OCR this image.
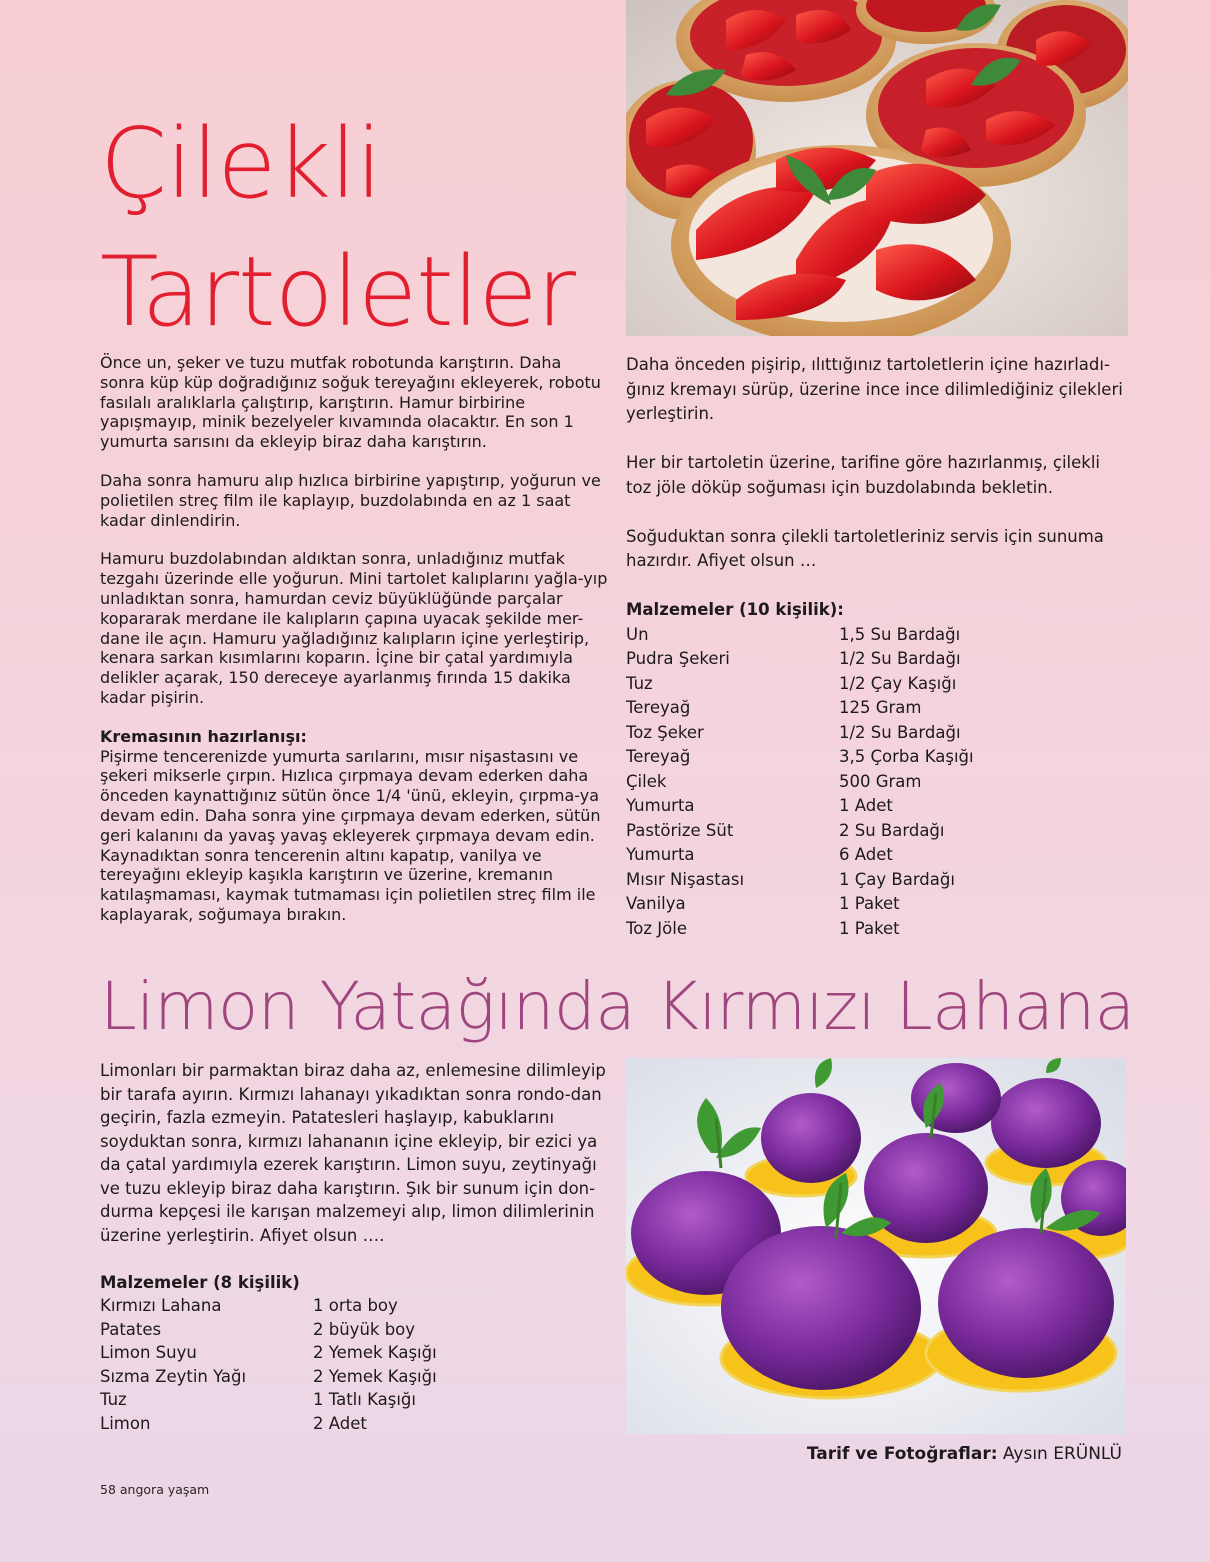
Çilekli
Tartoletler

Önce un, şeker ve tuzu mutfak robotunda karıştırın. Daha sonra küp küp doğradığınız soğuk tereyağını ekleyerek, robotu fasılalı aralıklarla çalıştırıp, karıştırın. Hamur birbirine yapışmayıp, minik bezelyeler kıvamında olacaktır. En son 1 yumurta sarısını da ekleyip biraz daha karıştırın.

Daha sonra hamuru alıp hızlıca birbirine yapıştırıp, yoğurun ve polietilen streç film ile kaplayıp, buzdolabında en az 1 saat kadar dinlendirin.

Hamuru buzdolabından aldıktan sonra, unladığınız mutfak tezgahı üzerinde elle yoğurun. Mini tartolet kalıplarını yağla-yıp unladıktan sonra, hamurdan ceviz büyüklüğünde parçalar kopararak merdane ile kalıpların çapına uyacak şekilde mer-dane ile açın. Hamuru yağladığınız kalıpların içine yerleştirip, kenara sarkan kısımlarını koparın. İçine bir çatal yardımıyla delikler açarak, 150 dereceye ayarlanmış fırında 15 dakika kadar pişirin.

Kremasının hazırlanışı:

Pişirme tencerenizde yumurta sarılarını, mısır nişastasını ve şekeri mikserle çırpın. Hızlıca çırpmaya devam ederken daha önceden kaynattığınız sütün önce 1/4 'ünü, ekleyin, çırpma-ya devam edin. Daha sonra yine çırpmaya devam ederken, sütün geri kalanını da yavaş yavaş ekleyerek çırpmaya devam edin. Kaynadıktan sonra tencerenin altını kapatıp, vanilya ve tereyağını ekleyip kaşıkla karıştırın ve üzerine, kremanın katılaşmaması, kaymak tutmaması için polietilen streç film ile kaplayarak, soğumaya bırakın.

Daha önceden pişirip, ılıttığınız tartoletlerin içine hazırladı-ğınız kremayı sürüp, üzerine ince ince dilimlediğiniz çilekleri yerleştirin.

Her bir tartoletin üzerine, tarifine göre hazırlanmış, çilekli toz jöle döküp soğuması için buzdolabında bekletin.

Soğuduktan sonra çilekli tartoletleriniz servis için sunuma hazırdır. Afiyet olsun …

Malzemeler (10 kişilik):
Un	1,5 Su Bardağı
Pudra Şekeri	1/2 Su Bardağı
Tuz	1/2 Çay Kaşığı
Tereyağ	125 Gram
Toz Şeker	1/2 Su Bardağı
Tereyağ	3,5 Çorba Kaşığı
Çilek	500 Gram
Yumurta	1 Adet
Pastörize Süt	2 Su Bardağı
Yumurta	6 Adet
Mısır Nişastası	1 Çay Bardağı
Vanilya	1 Paket
Toz Jöle	1 Paket
Limon Yatağında Kırmızı Lahana

Limonları bir parmaktan biraz daha az, enlemesine dilimleyip bir tarafa ayırın. Kırmızı lahanayı yıkadıktan sonra rondo-dan geçirin, fazla ezmeyin. Patatesleri haşlayıp, kabuklarını soyduktan sonra, kırmızı lahananın içine ekleyip, bir ezici ya da çatal yardımıyla ezerek karıştırın. Limon suyu, zeytinyağı ve tuzu ekleyip biraz daha karıştırın. Şık bir sunum için don-durma kepçesi ile karışan malzemeyi alıp, limon dilimlerinin üzerine yerleştirin. Afiyet olsun ….

Malzemeler (8 kişilik)
Kırmızı Lahana	1 orta boy
Patates	2 büyük boy
Limon Suyu	2 Yemek Kaşığı
Sızma Zeytin Yağı	2 Yemek Kaşığı
Tuz	1 Tatlı Kaşığı
Limon	2 Adet
Tarif ve Fotoğraflar: Aysın ERÜNLÜ
58 angora yaşam
